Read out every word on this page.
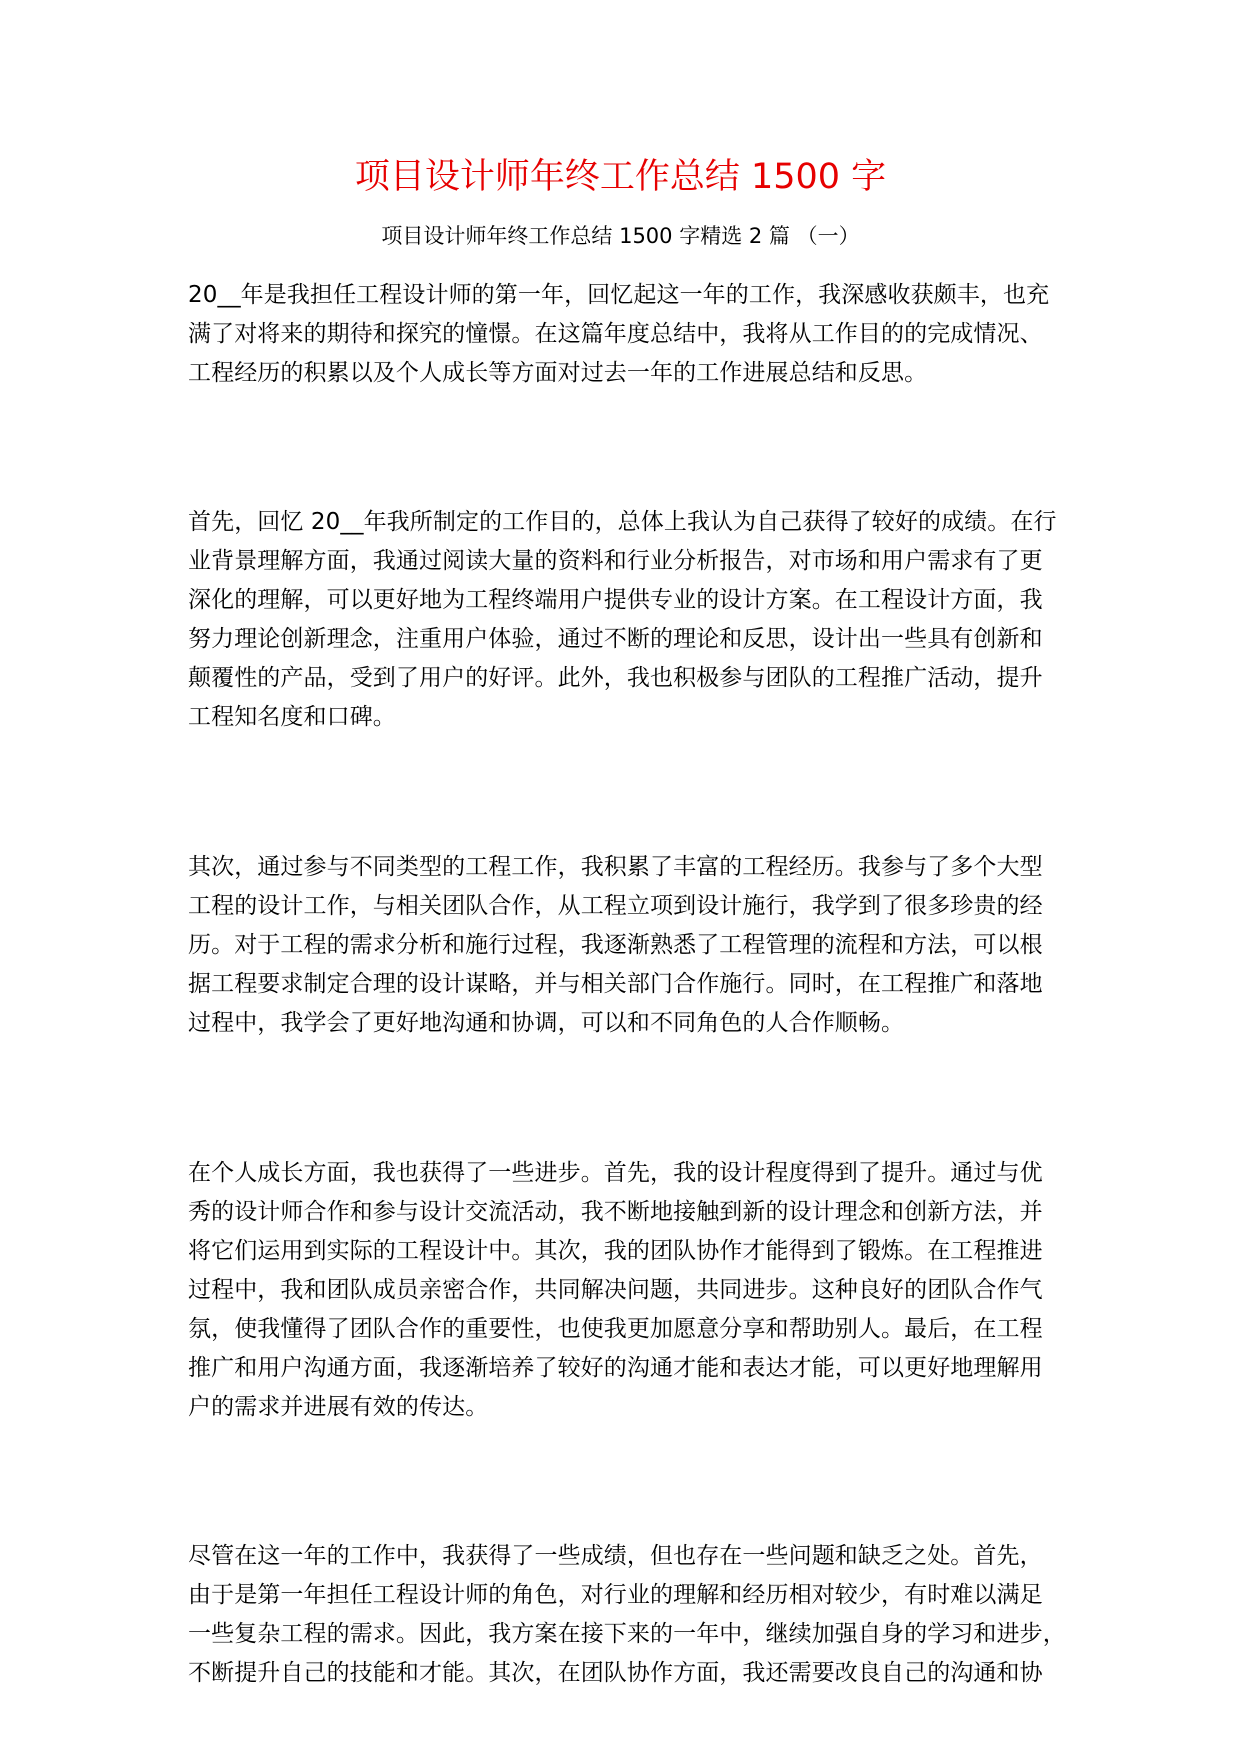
项目设计师年终工作总结 1500 字
项目设计师年终工作总结 1500 字精选 2 篇 （一）
20__年是我担任工程设计师的第一年，回忆起这一年的工作，我深感收获颇丰，也充
满了对将来的期待和探究的憧憬。在这篇年度总结中，我将从工作目的的完成情况、
工程经历的积累以及个人成长等方面对过去一年的工作进展总结和反思。
首先，回忆 20__年我所制定的工作目的，总体上我认为自己获得了较好的成绩。在行
业背景理解方面，我通过阅读大量的资料和行业分析报告，对市场和用户需求有了更
深化的理解，可以更好地为工程终端用户提供专业的设计方案。在工程设计方面，我
努力理论创新理念，注重用户体验，通过不断的理论和反思，设计出一些具有创新和
颠覆性的产品，受到了用户的好评。此外，我也积极参与团队的工程推广活动，提升
工程知名度和口碑。
其次，通过参与不同类型的工程工作，我积累了丰富的工程经历。我参与了多个大型
工程的设计工作，与相关团队合作，从工程立项到设计施行，我学到了很多珍贵的经
历。对于工程的需求分析和施行过程，我逐渐熟悉了工程管理的流程和方法，可以根
据工程要求制定合理的设计谋略，并与相关部门合作施行。同时，在工程推广和落地
过程中，我学会了更好地沟通和协调，可以和不同角色的人合作顺畅。
在个人成长方面，我也获得了一些进步。首先，我的设计程度得到了提升。通过与优
秀的设计师合作和参与设计交流活动，我不断地接触到新的设计理念和创新方法，并
将它们运用到实际的工程设计中。其次，我的团队协作才能得到了锻炼。在工程推进
过程中，我和团队成员亲密合作，共同解决问题，共同进步。这种良好的团队合作气
氛，使我懂得了团队合作的重要性，也使我更加愿意分享和帮助别人。最后，在工程
推广和用户沟通方面，我逐渐培养了较好的沟通才能和表达才能，可以更好地理解用
户的需求并进展有效的传达。
尽管在这一年的工作中，我获得了一些成绩，但也存在一些问题和缺乏之处。首先，
由于是第一年担任工程设计师的角色，对行业的理解和经历相对较少，有时难以满足
一些复杂工程的需求。因此，我方案在接下来的一年中，继续加强自身的学习和进步，
不断提升自己的技能和才能。其次，在团队协作方面，我还需要改良自己的沟通和协
